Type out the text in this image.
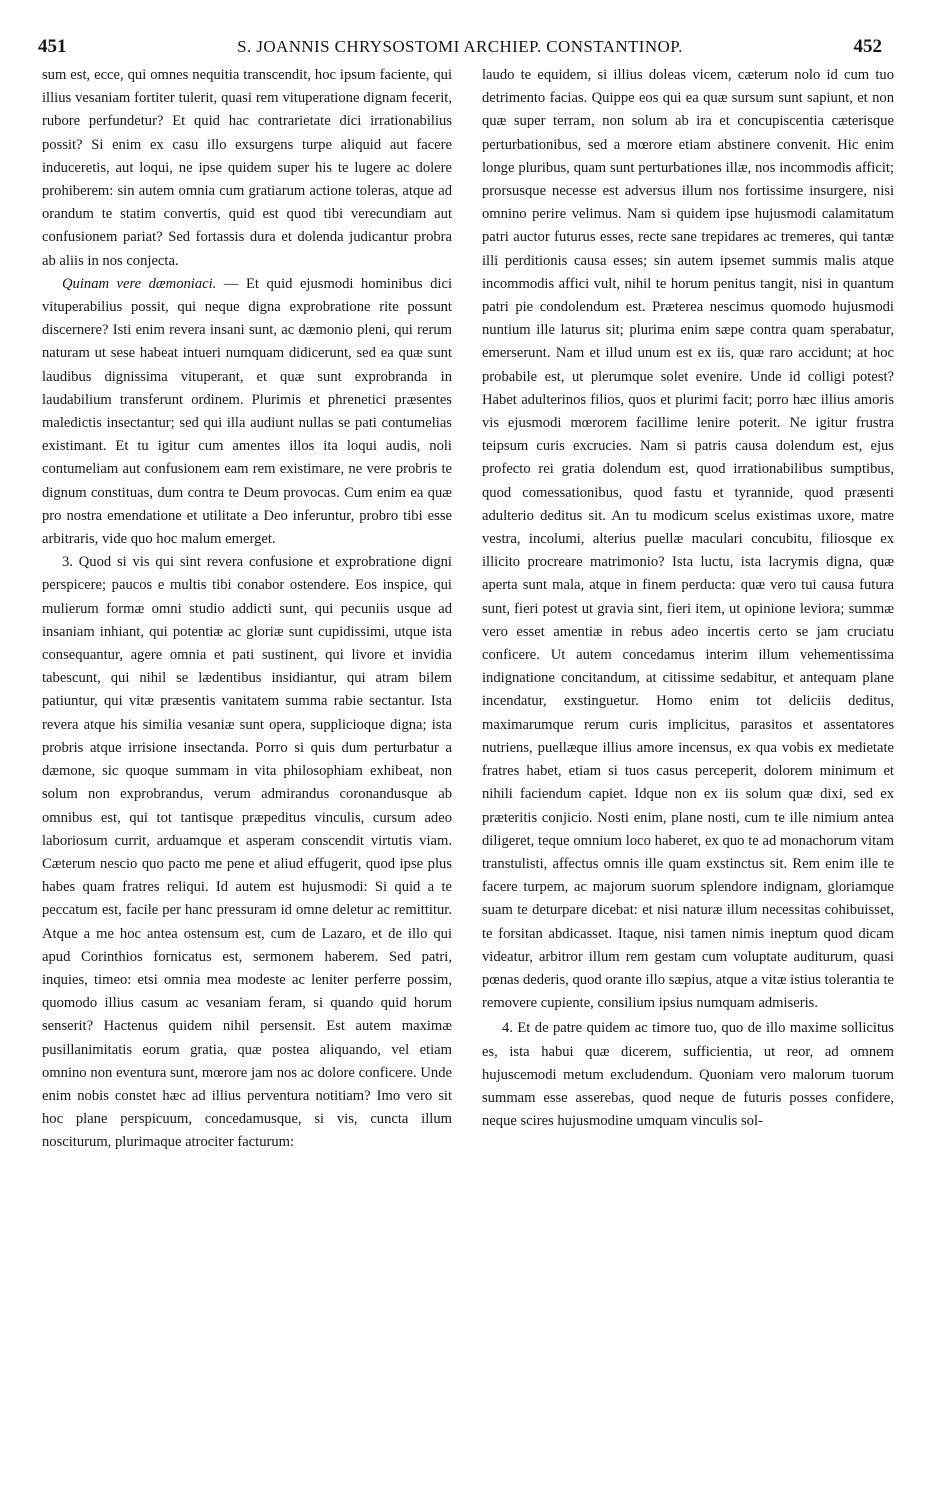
451	S. JOANNIS CHRYSOSTOMI ARCHIEP. CONSTANTINOP.	452

sum est, ecce, qui omnes nequitia transcendit, hoc ipsum faciente, qui illius vesaniam fortiter tulerit, quasi rem vituperatione dignam fecerit, rubore perfundetur? Et quid hac contrarietate dici irrationabilius possit? Si enim ex casu illo exsurgens turpe aliquid aut facere induceretis, aut loqui, ne ipse quidem super his te lugere ac dolere prohiberem: sin autem omnia cum gratiarum actione toleras, atque ad orandum te statim convertis, quid est quod tibi verecundiam aut confusionem pariat? Sed fortassis dura et dolenda judicantur probra ab aliis in nos conjecta.

Quinam vere dæmoniaci. — Et quid ejusmodi hominibus dici vituperabilius possit, qui neque digna exprobratione rite possunt discernere? Isti enim revera insani sunt, ac dæmonio pleni, qui rerum naturam ut sese habeat intueri numquam didicerunt, sed ea quæ sunt laudibus dignissima vituperant, et quæ sunt exprobranda in laudabilium transferunt ordinem. Plurimis et phrenetici præsentes maledictis insectantur; sed qui illa audiunt nullas se pati contumelias existimant. Et tu igitur cum amentes illos ita loqui audis, noli contumeliam aut confusionem eam rem existimare, ne vere probris te dignum constituas, dum contra te Deum provocas. Cum enim ea quæ pro nostra emendatione et utilitate a Deo inferuntur, probro tibi esse arbitraris, vide quo hoc malum emerget.

3. Quod si vis qui sint revera confusione et exprobratione digni perspicere; paucos e multis tibi conabor ostendere. Eos inspice, qui mulierum formæ omni studio addicti sunt, qui pecuniis usque ad insaniam inhiant, qui potentiæ ac gloriæ sunt cupidissimi, utque ista consequantur, agere omnia et pati sustinent, qui livore et invidia tabescunt, qui nihil se lædentibus insidiantur, qui atram bilem patiuntur, qui vitæ præsentis vanitatem summa rabie sectantur. Ista revera atque his similia vesaniæ sunt opera, supplicioque digna; ista probris atque irrisione insectanda. Porro si quis dum perturbatur a dæmone, sic quoque summam in vita philosophiam exhibeat, non solum non exprobrandus, verum admirandus coronandusque ab omnibus est, qui tot tantisque præpeditus vinculis, cursum adeo laboriosum currit, arduamque et asperam conscendit virtutis viam. Cæterum nescio quo pacto me pene et aliud effugerit, quod ipse plus habes quam fratres reliqui. Id autem est hujusmodi: Si quid a te peccatum est, facile per hanc pressuram id omne deletur ac remittitur. Atque a me hoc antea ostensum est, cum de Lazaro, et de illo qui apud Corinthios fornicatus est, sermonem haberem. Sed patri, inquies, timeo: etsi omnia mea modeste ac leniter perferre possim, quomodo illius casum ac vesaniam feram, si quando quid horum senserit? Hactenus quidem nihil persensit. Est autem maximæ pusillanimitatis eorum gratia, quæ postea aliquando, vel etiam omnino non eventura sunt, mœrore jam nos ac dolore conficere. Unde enim nobis constet hæc ad illius perventura notitiam? Imo vero sit hoc plane perspicuum, concedamusque, si vis, cuncta illum nosciturum, plurimaque atrociter facturum:

laudo te equidem, si illius doleas vicem, cæterum nolo id cum tuo detrimento facias. Quippe eos qui ea quæ sursum sunt sapiunt, et non quæ super terram, non solum ab ira et concupiscentia cæterisque perturbationibus, sed a mœrore etiam abstinere convenit. Hic enim longe pluribus, quam sunt perturbationes illæ, nos incommodis afficit; prorsusque necesse est adversus illum nos fortissime insurgere, nisi omnino perire velimus. Nam si quidem ipse hujusmodi calamitatum patri auctor futurus esses, recte sane trepidares ac tremeres, qui tantæ illi perditionis causa esses; sin autem ipsemet summis malis atque incommodis affici vult, nihil te horum penitus tangit, nisi in quantum patri pie condolendum est. Præterea nescimus quomodo hujusmodi nuntium ille laturus sit; plurima enim sæpe contra quam sperabatur, emerserunt. Nam et illud unum est ex iis, quæ raro accidunt; at hoc probabile est, ut plerumque solet evenire. Unde id colligi potest? Habet adulterinos filios, quos et plurimi facit; porro hæc illius amoris vis ejusmodi mœrorem facillime lenire poterit. Ne igitur frustra teipsum curis excrucies. Nam si patris causa dolendum est, ejus profecto rei gratia dolendum est, quod irrationabilibus sumptibus, quod comessationibus, quod fastu et tyrannide, quod præsenti adulterio deditus sit. An tu modicum scelus existimas uxore, matre vestra, incolumi, alterius puellæ maculari concubitu, filiosque ex illicito procreare matrimonio? Ista luctu, ista lacrymis digna, quæ aperta sunt mala, atque in finem perducta: quæ vero tui causa futura sunt, fieri potest ut gravia sint, fieri item, ut opinione leviora; summæ vero esset amentiæ in rebus adeo incertis certo se jam cruciatu conficere. Ut autem concedamus interim illum vehementissima indignatione concitandum, at citissime sedabitur, et antequam plane incendatur, exstinguetur. Homo enim tot deliciis deditus, maximarumque rerum curis implicitus, parasitos et assentatores nutriens, puellæque illius amore incensus, ex qua vobis ex medietate fratres habet, etiam si tuos casus perceperit, dolorem minimum et nihili faciendum capiet. Idque non ex iis solum quæ dixi, sed ex præteritis conjicio. Nosti enim, plane nosti, cum te ille nimium antea diligeret, teque omnium loco haberet, ex quo te ad monachorum vitam transtulisti, affectus omnis ille quam exstinctus sit. Rem enim ille te facere turpem, ac majorum suorum splendore indignam, gloriamque suam te deturpare dicebat: et nisi naturæ illum necessitas cohibuisset, te forsitan abdicasset. Itaque, nisi tamen nimis ineptum quod dicam videatur, arbitror illum rem gestam cum voluptate auditurum, quasi pœnas dederis, quod orante illo sæpius, atque a vitæ istius tolerantia te removere cupiente, consilium ipsius numquam admiseris.

4. Et de patre quidem ac timore tuo, quo de illo maxime sollicitus es, ista habui quæ dicerem, sufficientia, ut reor, ad omnem hujuscemodi metum excludendum. Quoniam vero malorum tuorum summam esse asserebas, quod neque de futuris posses confidere, neque scires hujusmodine umquam vinculis sol-
